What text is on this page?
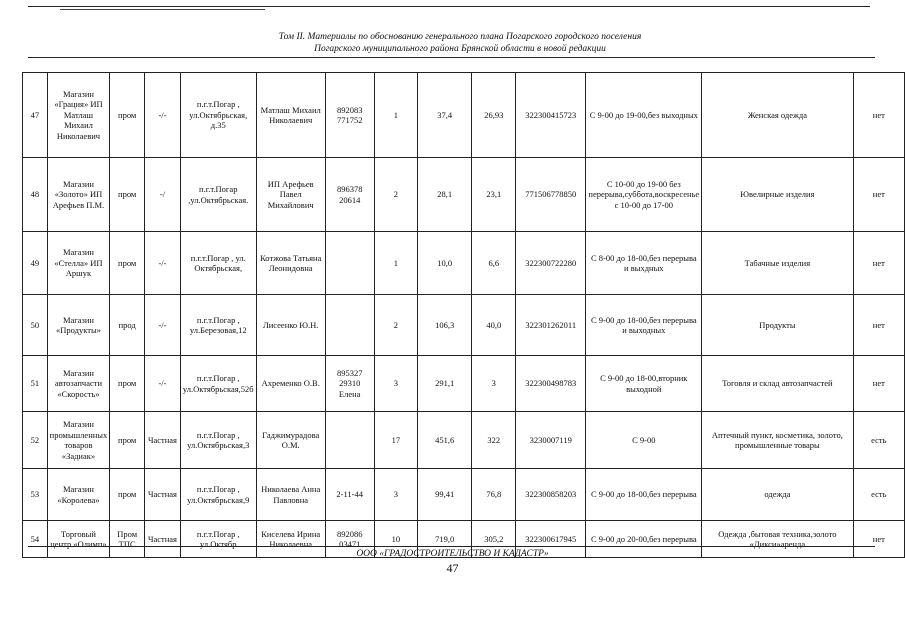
Том II. Материалы по обоснованию генерального плана Погарского городского поселения
Погарского муниципального района Брянской области в новой редакции
47	Магазин «Грация» ИП Матлаш Михаил Николаевич	пром	-/-	п.г.т.Погар , ул.Октябрьская, д.35	Матлаш Михаил Николаевич	892083 771752	1	37,4	26,93	322300415723	С 9-00 до 19-00,без выходных	Женская одежда	нет
48	Магазин «Золото» ИП Арефьев П.М.	пром	-/	п.г.т.Погар ,ул.Октябрьская.	ИП Арефьев Павел Михайлович	896378 20614	2	28,1	23,1	771506778850	С 10-00 до 19-00 без перерыва,суббота,воскресенье с 10-00 до 17-00	Ювелирные изделия	нет
49	Магазин «Стелла» ИП Аршук	пром	-/-	п.г.т.Погар , ул. Октябрьская,	Котжова Татьяна Леонидовна		1	10,0	6,6	322300722280	С 8-00 до 18-00,без перерыва и выхдных	Табачные изделия	нет
50	Магазин «Продукты»	прод	-/-	п.г.т.Погар , ул.Березовая,12	Лисеенко Ю.Н.		2	106,3	40,0	322301262011	С 9-00 до 18-00,без перерыва и выходных	Продукты	нет
51	Магазин автозапчасти «Скорость»	пром	-/-	п.г.т.Погар , ул.Октябрьская,52б	Ахременко О.В.	895327 29310 Елена	3	291,1	3	322300498783	С 9-00 до 18-00,вторник выходной	Тоговля и склад автозапчастей	нет
52	Магазин промышленных товаров «Задиак»	пром	Частная	п.г.т.Погар , ул.Октябрьская,3	Гаджимурадова О.М.		17	451,6	322	3230007119	С 9-00	Аптечный пункт, косметика, золото, промышленные товары	есть
53	Магазин «Королева»	пром	Частная	п.г.т.Погар , ул.Октябрьская,9	Николаева Анна Павловна	2-11-44	3	99,41	76,8	322300858203	С 9-00 до 18-00,без перерыва	одежда	есть
54	Торговый центр «Олимп»	Пром ТПС	Частная	п.г.т.Погар , ул.Октябр	Киселева Ирина Николаевна	892086 03471	10	719,0	305,2	322300617945	С 9-00 до 20-00,без перерыва	Одежда ,бытовая техника,золото «Дикси»аренда	нет
ООО «ГРАДОСТРОИТЕЛЬСТВО И КАДАСТР»
47
